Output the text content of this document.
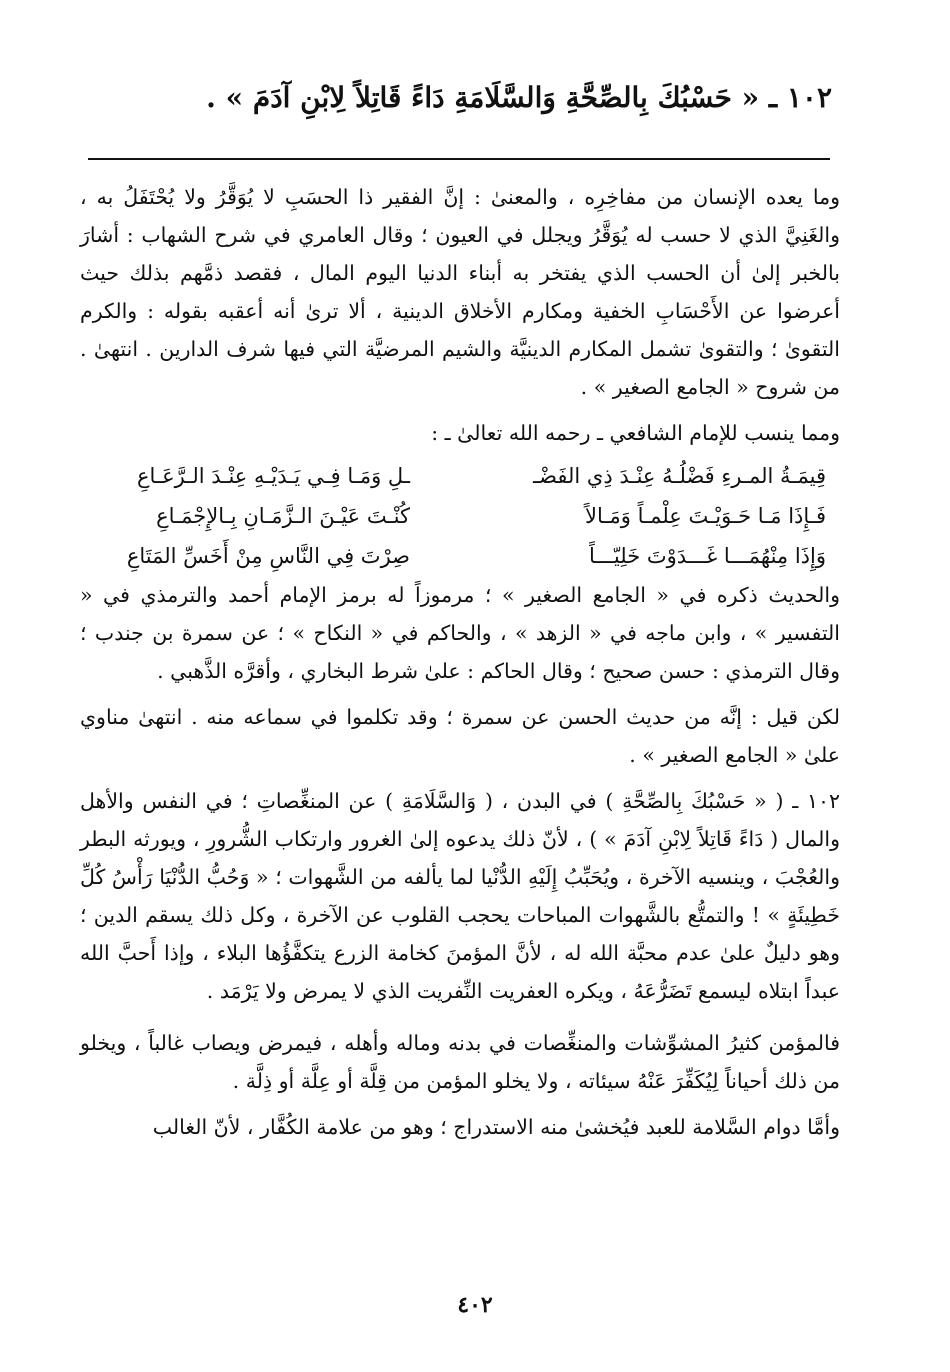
١٠٢ ـ « حَسْبُكَ بِالصِّحَّةِ وَالسَّلَامَةِ دَاءً قَاتِلاً لِابْنِ آدَمَ » .

وما يعده الإنسان من مفاخِرِه ، والمعنىٰ : إنَّ الفقير ذا الحسَبِ لا يُوَقَّرُ ولا يُحْتَفَلُ به ، والغَنِيَّ الذي لا حسب له يُوَقَّرُ ويجلل في العيون ؛ وقال العامري في شرح الشهاب : أشارَ بالخبر إلىٰ أن الحسب الذي يفتخر به أبناء الدنيا اليوم المال ، فقصد ذمَّهم بذلك حيث أعرضوا عن الأَحْسَابِ الخفية ومكارم الأخلاق الدينية ، ألا ترىٰ أنه أعقبه بقوله : والكرم التقوىٰ ؛ والتقوىٰ تشمل المكارم الدينيَّة والشيم المرضيَّة التي فيها شرف الدارين . انتهىٰ . من شروح « الجامع الصغير » .

ومما ينسب للإمام الشافعي ـ رحمه الله تعالىٰ ـ :

قِيمَـةُ المـرءِ فَضْلُـهُ عِنْـدَ ذِي الفَضْـ
ـلِ وَمَـا فِـي يَـدَيْـهِ عِنْـدَ الـرَّعَـاعِ
فَـإِذَا مَـا حَـوَيْـتَ عِلْمـاً وَمَـالاً
كُنْـتَ عَيْـنَ الـزَّمَـانِ بِـالإِجْمَـاعِ
وَإِذَا مِنْهُمَـــا غَـــدَوْتَ خَلِيّـــاً
صِرْتَ فِي النَّاسِ مِنْ أَخَسِّ المَتَاعِ

والحديث ذكره في « الجامع الصغير » ؛ مرموزاً له برمز الإمام أحمد والترمذي في « التفسير » ، وابن ماجه في « الزهد » ، والحاكم في « النكاح » ؛ عن سمرة بن جندب ؛ وقال الترمذي : حسن صحيح ؛ وقال الحاكم : علىٰ شرط البخاري ، وأقرَّه الذَّهبي .

لكن قيل : إنَّه من حديث الحسن عن سمرة ؛ وقد تكلموا في سماعه منه . انتهىٰ مناوي علىٰ « الجامع الصغير » .

١٠٢ ـ ( « حَسْبُكَ بِالصِّحَّةِ ) في البدن ، ( وَالسَّلَامَةِ ) عن المنغِّصاتِ ؛ في النفس والأهل والمال ( دَاءً قَاتِلاً لِابْنِ آدَمَ » ) ، لأنّ ذلك يدعوه إلىٰ الغرور وارتكاب الشُّرورِ ، ويورثه البطر والعُجْبَ ، وينسيه الآخرة ، ويُحَبِّبُ إِلَيْهِ الدُّنْيا لما يألفه من الشَّهوات ؛ « وَحُبُّ الدُّنْيَا رَأْسُ كُلِّ خَطِيئَةٍ » ! والتمتُّع بالشَّهوات المباحات يحجب القلوب عن الآخرة ، وكل ذلك يسقم الدين ؛ وهو دليلٌ علىٰ عدم محبَّة الله له ، لأنَّ المؤمنَ كخامة الزرع يتكفَّؤُها البلاء ، وإذا أَحبَّ الله عبداً ابتلاه ليسمع تَضَرُّعَهُ ، ويكره العفريت النِّفريت الذي لا يمرض ولا يَرْمَد .

فالمؤمن كثيرُ المشوِّشات والمنغِّصات في بدنه وماله وأهله ، فيمرض ويصاب غالباً ، ويخلو من ذلك أحياناً لِيُكَفِّرَ عَنْهُ سيئاته ، ولا يخلو المؤمن من قِلَّة أو عِلَّة أو ذِلَّة .

وأمَّا دوام السَّلامة للعبد فيُخشىٰ منه الاستدراج ؛ وهو من علامة الكُفَّار ، لأنّ الغالب

٤٠٢
